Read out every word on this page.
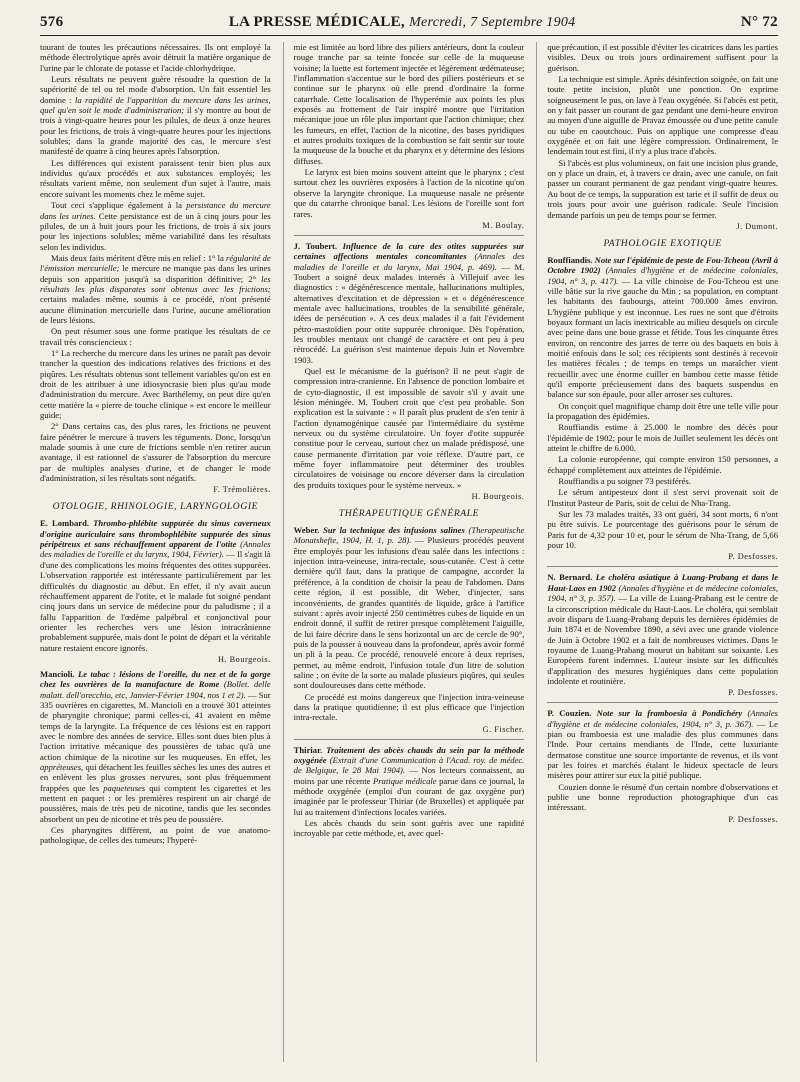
576	LA PRESSE MÉDICALE, Mercredi, 7 Septembre 1904	N° 72

tourant de toutes les précautions nécessaires. Ils ont employé la méthode électrolytique après avoir détruit la matière organique de l'urine par le chlorate de potasse et l'acide chlorhydrique.

Leurs résultats ne peuvent guère résoudre la question de la supériorité de tel ou tel mode d'absorption. Un fait essentiel les domine : la rapidité de l'apparition du mercure dans les urines, quel qu'en soit le mode d'administration; il s'y montre au bout de trois à vingt-quatre heures pour les pilules, de deux à onze heures pour les frictions, de trois à vingt-quatre heures pour les injections solubles; dans la grande majorité des cas, le mercure s'est manifesté de quatre à cinq heures après l'absorption.

Les différences qui existent paraissent tenir bien plus aux individus qu'aux procédés et aux substances employés; les résultats varient même, non seulement d'un sujet à l'autre, mais encore suivant les moments chez le même sujet.

Tout ceci s'applique également à la persistance du mercure dans les urines. Cette persistance est de un à cinq jours pour les pilules, de un à huit jours pour les frictions, de trois à six jours pour les injections solubles; même variabilité dans les résultats selon les individus.

Mais deux faits méritent d'être mis en relief : 1° la régularité de l'émission mercurielle; le mercure ne manque pas dans les urines depuis son apparition jusqu'à sa disparition définitive; 2° les résultats les plus disparates sont obtenus avec les frictions; certains malades même, soumis à ce procédé, n'ont présenté aucune élimination mercurielle dans l'urine, aucune amélioration de leurs lésions.

On peut résumer sous une forme pratique les résultats de ce travail très consciencieux :

1° La recherche du mercure dans les urines ne paraît pas devoir trancher la question des indications relatives des frictions et des piqûres. Les résultats obtenus sont tellement variables qu'on est en droit de les attribuer à une idiosyncrasie bien plus qu'au mode d'administration du mercure. Avec Barthélemy, on peut dire qu'en cette matière la « pierre de touche clinique » est encore le meilleur guide;

2° Dans certains cas, des plus rares, les frictions ne peuvent faire pénétrer le mercure à travers les téguments. Donc, lorsqu'un malade soumis à une cure de frictions semble n'en retirer aucun avantage, il est rationnel de s'assurer de l'absorption du mercure par de multiples analyses d'urine, et de changer le mode d'administration, si les résultats sont négatifs.

F. Trémolières.
OTOLOGIE, RHINOLOGIE, LARYNGOLOGIE

E. Lombard. Thrombo-phlébite suppurée du sinus caverneux d'origine auriculaire sans thrombophlébite suppurée des sinus péripétreux et sans réchauffement apparent de l'otite (Annales des maladies de l'oreille et du larynx, 1904, Février). — Il s'agit là d'une des complications les moins fréquentes des otites suppurées. L'observation rapportée est intéressante particulièrement par les difficultés du diagnostic au début. En effet, il n'y avait aucun réchauffement apparent de l'otite, et le malade fut soigné pendant cinq jours dans un service de médecine pour du paludisme ; il a fallu l'apparition de l'œdème palpébral et conjonctival pour orienter les recherches vers une lésion intracrânienne probablement suppurée, mais dont le point de départ et la véritable nature restaient encore ignorés.

H. Bourgeois.

Mancioli. Le tabac : lésions de l'oreille, du nez et de la gorge chez les ouvrières de la manufacture de Rome (Bollet. delle malatt. dell'orecchio, etc, Janvier-Février 1904, nos 1 et 2). — Sur 335 ouvrières en cigarettes, M. Mancioli en a trouvé 301 atteintes de pharyngite chronique; parmi celles-ci, 41 avaient en même temps de la laryngite. La fréquence de ces lésions est en rapport avec le nombre des années de service. Elles sont dues bien plus à l'action irritative mécanique des poussières de tabac qu'à une action chimique de la nicotine sur les muqueuses. En effet, les appréteuses, qui détachent les feuilles sèches les unes des autres et en enlèvent les plus grosses nervures, sont plus fréquemment frappées que les paqueteuses qui comptent les cigarettes et les mettent en paquet : or les premières respirent un air chargé de poussières, mais de très peu de nicotine, tandis que les secondes absorbent un peu de nicotine et très peu de poussière.

Ces pharyngites diffèrent, au point de vue anatomo-pathologique, de celles des tumeurs; l'hyperé-

mie est limitée au bord libre des piliers antérieurs, dont la couleur rouge tranche par sa teinte foncée sur celle de la muqueuse voisine; la luette est fortement injectée et légèrement œdémateuse; l'inflammation s'accentue sur le bord des piliers postérieurs et se continue sur le pharynx où elle prend d'ordinaire la forme catarrhale. Cette localisation de l'hyperémie aux points les plus exposés au frottement de l'air inspiré montre que l'irritation mécanique joue un rôle plus important que l'action chimique; chez les fumeurs, en effet, l'action de la nicotine, des bases pyridiques et autres produits toxiques de la combustion se fait sentir sur toute la muqueuse de la bouche et du pharynx et y détermine des lésions diffuses.

Le larynx est bien moins souvent atteint que le pharynx ; c'est surtout chez les ouvrières exposées à l'action de la nicotine qu'on observe la laryngite chronique. La muqueuse nasale ne présente que du catarrhe chronique banal. Les lésions de l'oreille sont fort rares.

M. Boulay.

J. Toubert. Influence de la cure des otites suppurées sur certaines affections mentales concomitantes (Annales des maladies de l'oreille et du larynx, Mai 1904, p. 469). — M. Toubert a soigné deux malades internés à Villejuif avec les diagnostics : « dégénérescence mentale, hallucinations multiples, alternatives d'excitation et de dépression » et « dégénérescence mentale avec hallucinations, troubles de la sensibilité générale, idées de persécution ». A ces deux malades il a fait l'évidement pétro-mastoïdien pour otite suppurée chronique. Dès l'opération, les troubles mentaux ont changé de caractère et ont peu à peu rétrocédé. La guérison s'est maintenue depuis Juin et Novembre 1903.

Quel est le mécanisme de la guérison? Il ne peut s'agir de compression intra-cranienne. En l'absence de ponction lombaire et de cyto-diagnostic, il est impossible de savoir s'il y avait une lésion méningée. M. Toubert croit que c'est peu probable. Son explication est la suivante : « Il paraît plus prudent de s'en tenir à l'action dynamogénique causée par l'intermédiaire du système nerveux ou du système circulatoire. Un foyer d'otite suppurée constitue pour le cerveau, surtout chez un malade prédisposé, une cause permanente d'irritation par voie réflexe. D'autre part, ce même foyer inflammatoire peut déterminer des troubles circulatoires de voisinage ou encore déverser dans la circulation des produits toxiques pour le système nerveux. »

H. Bourgeois.
THÉRAPEUTIQUE GÉNÉRALE

Weber. Sur la technique des infusions salines (Therapeutische Monatshefte, 1904, H. 1, p. 28). — Plusieurs procédés peuvent être employés pour les infusions d'eau salée dans les infections : injection intra-veineuse, intra-rectale, sous-cutanée. C'est à cette dernière qu'il faut, dans la pratique de campagne, accorder la préférence, à la condition de choisir la peau de l'abdomen. Dans cette région, il est possible, dit Weber, d'injecter, sans inconvénients, de grandes quantités de liquide, grâce à l'artifice suivant : après avoir injecté 250 centimètres cubes de liquide en un endroit donné, il suffit de retirer presque complètement l'aiguille, de lui faire décrire dans le sens horizontal un arc de cercle de 90°, puis de la pousser à nouveau dans la profondeur, après avoir formé un pli à la peau. Ce procédé, renouvelé encore à deux reprises, permet, au même endroit, l'infusion totale d'un litre de solution saline ; on évite de la sorte au malade plusieurs piqûres, qui seules sont douloureuses dans cette méthode.

Ce procédé est moins dangereux que l'injection intra-veineuse dans la pratique quotidienne; il est plus efficace que l'injection intra-rectale.

G. Fischer.

Thiriar. Traitement des abcès chauds du sein par la méthode oxygénée (Extrait d'une Communication à l'Acad. roy. de médec. de Belgique, le 28 Mai 1904). — Nos lecteurs connaissent, au moins par une récente Pratique médicale parue dans ce journal, la méthode oxygénée (emploi d'un courant de gaz oxygène pur) imaginée par le professeur Thiriar (de Bruxelles) et appliquée par lui au traitement d'infections locales variées.

Les abcès chauds du sein sont guéris avec une rapidité incroyable par cette méthode, et, avec quel-

que précaution, il est possible d'éviter les cicatrices dans les parties visibles. Deux ou trois jours ordinairement suffisent pour la guérison.

La technique est simple. Après désinfection soignée, on fait une toute petite incision, plutôt une ponction. On exprime soigneusement le pus, on lave à l'eau oxygénée. Si l'abcès est petit, on y fait passer un courant de gaz pendant une demi-heure environ au moyen d'une aiguille de Pravaz émoussée ou d'une petite canule ou tube en caoutchouc. Puis on applique une compresse d'eau oxygénée et on fait une légère compression. Ordinairement, le lendemain tout est fini, il n'y a plus trace d'abcès.

Si l'abcès est plus volumineux, on fait une incision plus grande, on y place un drain, et, à travers ce drain, avec une canule, on fait passer un courant permanent de gaz pendant vingt-quatre heures. Au bout de ce temps, la suppuration est tarie et il suffit de deux ou trois jours pour avoir une guérison radicale. Seule l'incision demande parfois un peu de temps pour se fermer.

J. Dumont.
PATHOLOGIE EXOTIQUE

Rouffiandis. Note sur l'épidémie de peste de Fou-Tcheou (Avril à Octobre 1902) (Annales d'hygiène et de médecine coloniales, 1904, n° 3, p. 417). — La ville chinoise de Fou-Tcheou est une ville bâtie sur la rive gauche du Min ; sa population, en comptant les habitants des faubourgs, atteint 700.000 âmes environ. L'hygiène publique y est inconnue. Les rues ne sont que d'étroits boyaux formant un lacis inextricable au milieu desquels on circule avec peine dans une boue grasse et fétide. Tous les cinquante êtres environ, on rencontre des jarres de terre ou des baquets en bois à moitié enfouis dans le sol; ces récipients sont destinés à recevoir les matières fécales ; de temps en temps un maraîcher vient recueillir avec une énorme cuiller en bambou cette masse fétide qu'il emporte précieusement dans des baquets suspendus en balance sur son épaule, pour aller arroser ses cultures.

On conçoit quel magnifique champ doit être une telle ville pour la propagation des épidémies.

Rouffiandis estime à 25.000 le nombre des décès pour l'épidémie de 1902; pour le mois de Juillet seulement les décès ont atteint le chiffre de 6.000.

La colonie européenne, qui compte environ 150 personnes, a échappé complètement aux atteintes de l'épidémie.

Rouffiandis a pu soigner 73 pestiférés.

Le sérum antipesteux dont il s'est servi provenait soit de l'Institut Pasteur de Paris, soit de celui de Nha-Trang.

Sur les 73 malades traités, 33 ont guéri, 34 sont morts, 6 n'ont pu être suivis. Le pourcentage des guérisons pour le sérum de Paris fut de 4,32 pour 10 et, pour le sérum de Nha-Trang, de 5,66 pour 10.

P. Desfosses.

N. Bernard. Le choléra asiatique à Luang-Prabang et dans le Haut-Laos en 1902 (Annales d'hygiène et de médecine coloniales, 1904, n° 3, p. 357). — La ville de Luang-Prabang est le centre de la circonscription médicale du Haut-Laos. Le choléra, qui semblait avoir disparu de Luang-Prabang depuis les dernières épidémies de Juin 1874 et de Novembre 1890, a sévi avec une grande violence de Juin à Octobre 1902 et a fait de nombreuses victimes. Dans le royaume de Luang-Prabang mourut un habitant sur soixante. Les Européens furent indemnes. L'auteur insiste sur les difficultés d'application des mesures hygiéniques dans cette population indolente et routinière.

P. Desfosses.

P. Couzien. Note sur la framboesia à Pondichéry (Annales d'hygiène et de médecine coloniales, 1904, n° 3, p. 367). — Le pian ou framboesia est une maladie des plus communes dans l'Inde. Pour certains mendiants de l'Inde, cette luxuriante dermatose constitue une source importante de revenus, et ils vont par les foires et marchés étalant le hideux spectacle de leurs misères pour attirer sur eux la pitié publique.

Couzien donne le résumé d'un certain nombre d'observations et publie une bonne reproduction photographique d'un cas intéressant.

P. Desfosses.
